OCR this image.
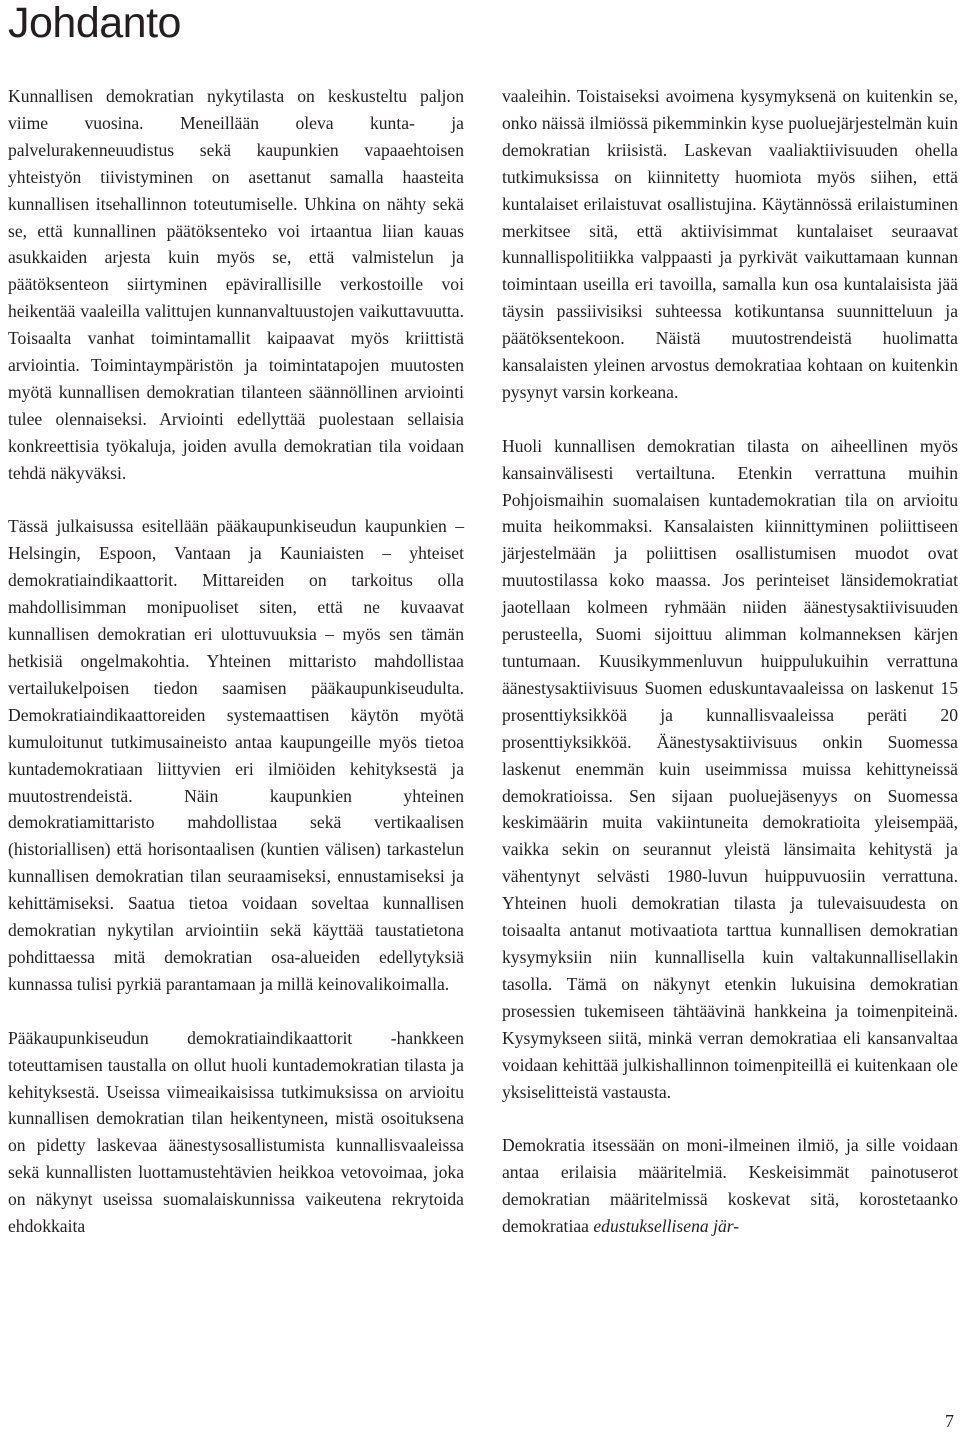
Johdanto

Kunnallisen demokratian nykytilasta on keskusteltu paljon viime vuosina. Meneillään oleva kunta- ja palvelurakenneuudistus sekä kaupunkien vapaaehtoisen yhteistyön tiivistyminen on asettanut samalla haasteita kunnallisen itsehallinnon toteutumiselle. Uhkina on nähty sekä se, että kunnallinen päätöksenteko voi irtaantua liian kauas asukkaiden arjesta kuin myös se, että valmistelun ja päätöksenteon siirtyminen epävirallisille verkostoille voi heikentää vaaleilla valittujen kunnanvaltuustojen vaikuttavuutta. Toisaalta vanhat toimintamallit kaipaavat myös kriittistä arviointia. Toimintaympäristön ja toimintatapojen muutosten myötä kunnallisen demokratian tilanteen säännöllinen arviointi tulee olennaiseksi. Arviointi edellyttää puolestaan sellaisia konkreettisia työkaluja, joiden avulla demokratian tila voidaan tehdä näkyväksi.

Tässä julkaisussa esitellään pääkaupunkiseudun kaupunkien – Helsingin, Espoon, Vantaan ja Kauniaisten – yhteiset demokratiaindikaattorit. Mittareiden on tarkoitus olla mahdollisimman monipuoliset siten, että ne kuvaavat kunnallisen demokratian eri ulottuvuuksia – myös sen tämän hetkisiä ongelmakohtia. Yhteinen mittaristo mahdollistaa vertailukelpoisen tiedon saamisen pääkaupunkiseudulta. Demokratiaindikaattoreiden systemaattisen käytön myötä kumuloitunut tutkimusaineisto antaa kaupungeille myös tietoa kuntademokratiaan liittyvien eri ilmiöiden kehityksestä ja muutostrendeistä. Näin kaupunkien yhteinen demokratiamittaristo mahdollistaa sekä vertikaalisen (historiallisen) että horisontaalisen (kuntien välisen) tarkastelun kunnallisen demokratian tilan seuraamiseksi, ennustamiseksi ja kehittämiseksi. Saatua tietoa voidaan soveltaa kunnallisen demokratian nykytilan arviointiin sekä käyttää taustatietona pohdittaessa mitä demokratian osa-alueiden edellytyksiä kunnassa tulisi pyrkiä parantamaan ja millä keinovalikoimalla.

Pääkaupunkiseudun demokratiaindikaattorit -hankkeen toteuttamisen taustalla on ollut huoli kuntademokratian tilasta ja kehityksestä. Useissa viimeaikaisissa tutkimuksissa on arvioitu kunnallisen demokratian tilan heikentyneen, mistä osoituksena on pidetty laskevaa äänestysosallistumista kunnallisvaaleissa sekä kunnallisten luottamustehtävien heikkoa vetovoimaa, joka on näkynyt useissa suomalaiskunnissa vaikeutena rekrytoida ehdokkaita

vaaleihin. Toistaiseksi avoimena kysymyksenä on kuitenkin se, onko näissä ilmiössä pikemminkin kyse puoluejärjestelmän kuin demokratian kriisistä. Laskevan vaaliaktiivisuuden ohella tutkimuksissa on kiinnitetty huomiota myös siihen, että kuntalaiset erilaistuvat osallistujina. Käytännössä erilaistuminen merkitsee sitä, että aktiivisimmat kuntalaiset seuraavat kunnallispolitiikka valppaasti ja pyrkivät vaikuttamaan kunnan toimintaan useilla eri tavoilla, samalla kun osa kuntalaisista jää täysin passiivisiksi suhteessa kotikuntansa suunnitteluun ja päätöksentekoon. Näistä muutostrendeistä huolimatta kansalaisten yleinen arvostus demokratiaa kohtaan on kuitenkin pysynyt varsin korkeana.

Huoli kunnallisen demokratian tilasta on aiheellinen myös kansainvälisesti vertailtuna. Etenkin verrattuna muihin Pohjoismaihin suomalaisen kuntademokratian tila on arvioitu muita heikommaksi. Kansalaisten kiinnittyminen poliittiseen järjestelmään ja poliittisen osallistumisen muodot ovat muutostilassa koko maassa. Jos perinteiset länsidemokratiat jaotellaan kolmeen ryhmään niiden äänestysaktiivisuuden perusteella, Suomi sijoittuu alimman kolmanneksen kärjen tuntumaan. Kuusikymmenluvun huippulukuihin verrattuna äänestysaktiivisuus Suomen eduskuntavaaleissa on laskenut 15 prosenttiyksikköä ja kunnallisvaaleissa peräti 20 prosenttiyksikköä. Äänestysaktiivisuus onkin Suomessa laskenut enemmän kuin useimmissa muissa kehittyneissä demokratioissa. Sen sijaan puoluejäsenyys on Suomessa keskimäärin muita vakiintuneita demokratioita yleisempää, vaikka sekin on seurannut yleistä länsimaita kehitystä ja vähentynyt selvästi 1980-luvun huippuvuosiin verrattuna. Yhteinen huoli demokratian tilasta ja tulevaisuudesta on toisaalta antanut motivaatiota tarttua kunnallisen demokratian kysymyksiin niin kunnallisella kuin valtakunnallisellakin tasolla. Tämä on näkynyt etenkin lukuisina demokratian prosessien tukemiseen tähtäävinä hankkeina ja toimenpiteinä. Kysymykseen siitä, minkä verran demokratiaa eli kansanvaltaa voidaan kehittää julkishallinnon toimenpiteillä ei kuitenkaan ole yksiselitteistä vastausta.

Demokratia itsessään on moni-ilmeinen ilmiö, ja sille voidaan antaa erilaisia määritelmiä. Keskeisimmät painotuserot demokratian määritelmissä koskevat sitä, korostetaanko demokratiaa edustuksellisena jär-

7
